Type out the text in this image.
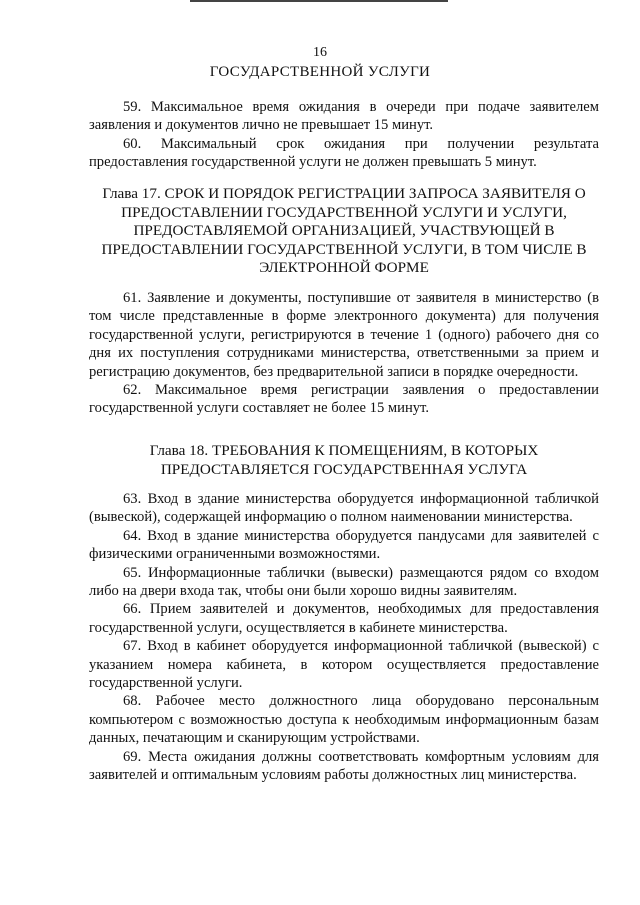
16
ГОСУДАРСТВЕННОЙ УСЛУГИ

59. Максимальное время ожидания в очереди при подаче заявителем заявления и документов лично не превышает 15 минут.

60. Максимальный срок ожидания при получении результата предоставления государственной услуги не должен превышать 5 минут.

Глава 17. СРОК И ПОРЯДОК РЕГИСТРАЦИИ ЗАПРОСА ЗАЯВИТЕЛЯ О ПРЕДОСТАВЛЕНИИ ГОСУДАРСТВЕННОЙ УСЛУГИ И УСЛУГИ, ПРЕДОСТАВЛЯЕМОЙ ОРГАНИЗАЦИЕЙ, УЧАСТВУЮЩЕЙ В ПРЕДОСТАВЛЕНИИ ГОСУДАРСТВЕННОЙ УСЛУГИ, В ТОМ ЧИСЛЕ В ЭЛЕКТРОННОЙ ФОРМЕ

61. Заявление и документы, поступившие от заявителя в министерство (в том числе представленные в форме электронного документа) для получения государственной услуги, регистрируются в течение 1 (одного) рабочего дня со дня их поступления сотрудниками министерства, ответственными за прием и регистрацию документов, без предварительной записи в порядке очередности.

62. Максимальное время регистрации заявления о предоставлении государственной услуги составляет не более 15 минут.

Глава 18. ТРЕБОВАНИЯ К ПОМЕЩЕНИЯМ, В КОТОРЫХ ПРЕДОСТАВЛЯЕТСЯ ГОСУДАРСТВЕННАЯ УСЛУГА

63. Вход в здание министерства оборудуется информационной табличкой (вывеской), содержащей информацию о полном наименовании министерства.

64. Вход в здание министерства оборудуется пандусами для заявителей с физическими ограниченными возможностями.

65. Информационные таблички (вывески) размещаются рядом со входом либо на двери входа так, чтобы они были хорошо видны заявителям.

66. Прием заявителей и документов, необходимых для предоставления государственной услуги, осуществляется в кабинете министерства.

67. Вход в кабинет оборудуется информационной табличкой (вывеской) с указанием номера кабинета, в котором осуществляется предоставление государственной услуги.

68. Рабочее место должностного лица оборудовано персональным компьютером с возможностью доступа к необходимым информационным базам данных, печатающим и сканирующим устройствами.

69. Места ожидания должны соответствовать комфортным условиям для заявителей и оптимальным условиям работы должностных лиц министерства.
